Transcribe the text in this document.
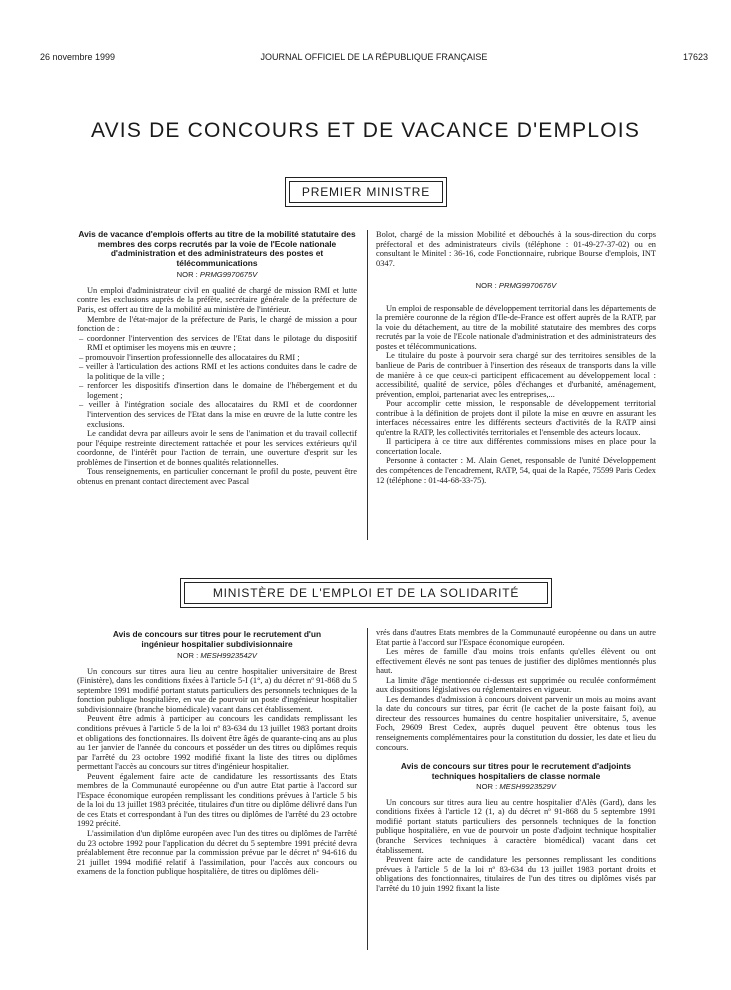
26 novembre 1999	JOURNAL OFFICIEL DE LA RÉPUBLIQUE FRANÇAISE	17623
AVIS DE CONCOURS ET DE VACANCE D'EMPLOIS
PREMIER MINISTRE
Avis de vacance d'emplois offerts au titre de la mobilité statutaire des membres des corps recrutés par la voie de l'Ecole nationale d'administration et des administrateurs des postes et télécommunications
NOR : PRMG9970675V

Un emploi d'administrateur civil en qualité de chargé de mission RMI et lutte contre les exclusions auprès de la préfète, secrétaire générale de la préfecture de Paris, est offert au titre de la mobilité au ministère de l'intérieur.

Membre de l'état-major de la préfecture de Paris, le chargé de mission a pour fonction de :

– coordonner l'intervention des services de l'Etat dans le pilotage du dispositif RMI et optimiser les moyens mis en œuvre ;
– promouvoir l'insertion professionnelle des allocataires du RMI ;
– veiller à l'articulation des actions RMI et les actions conduites dans le cadre de la politique de la ville ;
– renforcer les dispositifs d'insertion dans le domaine de l'hébergement et du logement ;
– veiller à l'intégration sociale des allocataires du RMI et de coordonner l'intervention des services de l'Etat dans la mise en œuvre de la lutte contre les exclusions.

Le candidat devra par ailleurs avoir le sens de l'animation et du travail collectif pour l'équipe restreinte directement rattachée et pour les services extérieurs qu'il coordonne, de l'intérêt pour l'action de terrain, une ouverture d'esprit sur les problèmes de l'insertion et de bonnes qualités relationnelles.

Tous renseignements, en particulier concernant le profil du poste, peuvent être obtenus en prenant contact directement avec Pascal

Bolot, chargé de la mission Mobilité et débouchés à la sous-direction du corps préfectoral et des administrateurs civils (téléphone : 01-49-27-37-02) ou en consultant le Minitel : 36-16, code Fonctionnaire, rubrique Bourse d'emplois, INT 0347.

NOR : PRMG9970676V

Un emploi de responsable de développement territorial dans les départements de la première couronne de la région d'Ile-de-France est offert auprès de la RATP, par la voie du détachement, au titre de la mobilité statutaire des membres des corps recrutés par la voie de l'Ecole nationale d'administration et des administrateurs des postes et télécommunications.

Le titulaire du poste à pourvoir sera chargé sur des territoires sensibles de la banlieue de Paris de contribuer à l'insertion des réseaux de transports dans la ville de manière à ce que ceux-ci participent efficacement au développement local : accessibilité, qualité de service, pôles d'échanges et d'urbanité, aménagement, prévention, emploi, partenariat avec les entreprises,...

Pour accomplir cette mission, le responsable de développement territorial contribue à la définition de projets dont il pilote la mise en œuvre en assurant les interfaces nécessaires entre les différents secteurs d'activités de la RATP ainsi qu'entre la RATP, les collectivités territoriales et l'ensemble des acteurs locaux.

Il participera à ce titre aux différentes commissions mises en place pour la concertation locale.

Personne à contacter : M. Alain Genet, responsable de l'unité Développement des compétences de l'encadrement, RATP, 54, quai de la Rapée, 75599 Paris Cedex 12 (téléphone : 01-44-68-33-75).

MINISTÈRE DE L'EMPLOI ET DE LA SOLIDARITÉ
Avis de concours sur titres pour le recrutement d'un ingénieur hospitalier subdivisionnaire
NOR : MESH9923542V

Un concours sur titres aura lieu au centre hospitalier universitaire de Brest (Finistère), dans les conditions fixées à l'article 5-I (1°, a) du décret nº 91-868 du 5 septembre 1991 modifié portant statuts particuliers des personnels techniques de la fonction publique hospitalière, en vue de pourvoir un poste d'ingénieur hospitalier subdivisionnaire (branche biomédicale) vacant dans cet établissement.

Peuvent être admis à participer au concours les candidats remplissant les conditions prévues à l'article 5 de la loi nº 83-634 du 13 juillet 1983 portant droits et obligations des fonctionnaires. Ils doivent être âgés de quarante-cinq ans au plus au 1er janvier de l'année du concours et posséder un des titres ou diplômes requis par l'arrêté du 23 octobre 1992 modifié fixant la liste des titres ou diplômes permettant l'accès au concours sur titres d'ingénieur hospitalier.

Peuvent également faire acte de candidature les ressortissants des Etats membres de la Communauté européenne ou d'un autre Etat partie à l'accord sur l'Espace économique européen remplissant les conditions prévues à l'article 5 bis de la loi du 13 juillet 1983 précitée, titulaires d'un titre ou diplôme délivré dans l'un de ces Etats et correspondant à l'un des titres ou diplômes de l'arrêté du 23 octobre 1992 précité.

L'assimilation d'un diplôme européen avec l'un des titres ou diplômes de l'arrêté du 23 octobre 1992 pour l'application du décret du 5 septembre 1991 précité devra préalablement être reconnue par la commission prévue par le décret nº 94-616 du 21 juillet 1994 modifié relatif à l'assimilation, pour l'accès aux concours ou examens de la fonction publique hospitalière, de titres ou diplômes déli-

vrés dans d'autres Etats membres de la Communauté européenne ou dans un autre Etat partie à l'accord sur l'Espace économique européen.

Les mères de famille d'au moins trois enfants qu'elles élèvent ou ont effectivement élevés ne sont pas tenues de justifier des diplômes mentionnés plus haut.

La limite d'âge mentionnée ci-dessus est supprimée ou reculée conformément aux dispositions législatives ou réglementaires en vigueur.

Les demandes d'admission à concours doivent parvenir un mois au moins avant la date du concours sur titres, par écrit (le cachet de la poste faisant foi), au directeur des ressources humaines du centre hospitalier universitaire, 5, avenue Foch, 29609 Brest Cedex, auprès duquel peuvent être obtenus tous les renseignements complémentaires pour la constitution du dossier, les date et lieu du concours.

Avis de concours sur titres pour le recrutement d'adjoints techniques hospitaliers de classe normale
NOR : MESH9923529V

Un concours sur titres aura lieu au centre hospitalier d'Alès (Gard), dans les conditions fixées à l'article 12 (1, a) du décret nº 91-868 du 5 septembre 1991 modifié portant statuts particuliers des personnels techniques de la fonction publique hospitalière, en vue de pourvoir un poste d'adjoint technique hospitalier (branche Services techniques à caractère biomédical) vacant dans cet établissement.

Peuvent faire acte de candidature les personnes remplissant les conditions prévues à l'article 5 de la loi nº 83-634 du 13 juillet 1983 portant droits et obligations des fonctionnaires, titulaires de l'un des titres ou diplômes visés par l'arrêté du 10 juin 1992 fixant la liste
